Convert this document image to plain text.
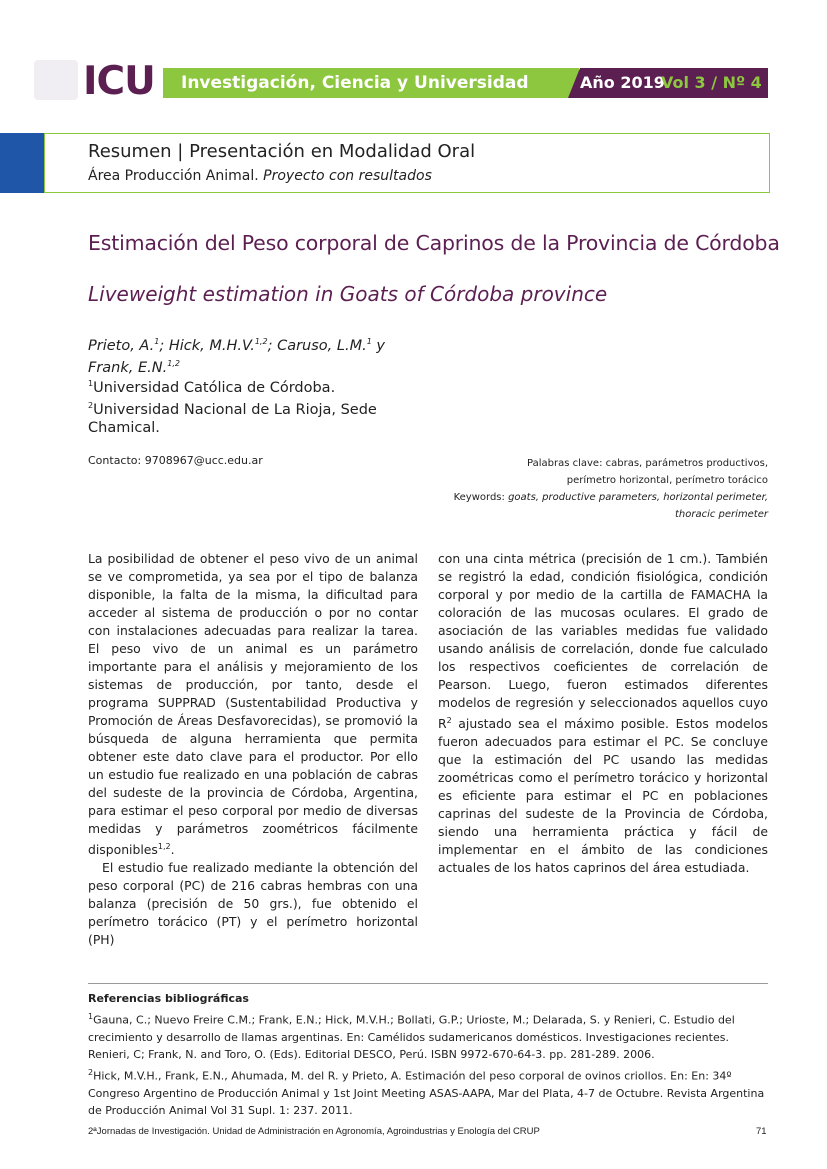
ICU Investigación, Ciencia y Universidad	Año 2019
Vol 3 / Nº 4
Resumen | Presentación en Modalidad Oral
Área Producción Animal. Proyecto con resultados
Estimación del Peso corporal de Caprinos de la Provincia de Córdoba
Liveweight estimation in Goats of Córdoba province
Prieto, A.$^1$; Hick, M.H.V.$^{1,2}$; Caruso, L.M.$^1$ y
Frank, E.N.$^{1,2}$
$^1$Universidad Católica de Córdoba.
$^2$Universidad Nacional de La Rioja, Sede Chamical.
Contacto: 9708967@ucc.edu.ar	Palabras clave: cabras, parámetros productivos,
perímetro horizontal, perímetro torácico
Keywords: goats, productive parameters, horizontal perimeter,
thoracic perimeter

La posibilidad de obtener el peso vivo de un animal se ve comprometida, ya sea por el tipo de balanza disponible, la falta de la misma, la dificultad para acceder al sistema de producción o por no contar con instalaciones adecuadas para realizar la tarea. El peso vivo de un animal es un parámetro importante para el análisis y mejoramiento de los sistemas de producción, por tanto, desde el programa SUPPRAD (Sustentabilidad Productiva y Promoción de Áreas Desfavorecidas), se promovió la búsqueda de alguna herramienta que permita obtener este dato clave para el productor. Por ello un estudio fue realizado en una población de cabras del sudeste de la provincia de Córdoba, Argentina, para estimar el peso corporal por medio de diversas medidas y parámetros zoométricos fácilmente disponibles$^{1,2}$.

El estudio fue realizado mediante la obtención del peso corporal (PC) de 216 cabras hembras con una balanza (precisión de 50 grs.), fue obtenido el perímetro torácico (PT) y el perímetro horizontal (PH)

con una cinta métrica (precisión de 1 cm.). También se registró la edad, condición fisiológica, condición corporal y por medio de la cartilla de FAMACHA la coloración de las mucosas oculares. El grado de asociación de las variables medidas fue validado usando análisis de correlación, donde fue calculado los respectivos coeficientes de correlación de Pearson. Luego, fueron estimados diferentes modelos de regresión y seleccionados aquellos cuyo $R^2$ ajustado sea el máximo posible. Estos modelos fueron adecuados para estimar el PC. Se concluye que la estimación del PC usando las medidas zoométricas como el perímetro torácico y horizontal es eficiente para estimar el PC en poblaciones caprinas del sudeste de la Provincia de Córdoba, siendo una herramienta práctica y fácil de implementar en el ámbito de las condiciones actuales de los hatos caprinos del área estudiada.

Referencias bibliográficas

$^1$Gauna, C.; Nuevo Freire C.M.; Frank, E.N.; Hick, M.V.H.; Bollati, G.P.; Urioste, M.; Delarada, S. y Renieri, C. Estudio del crecimiento y desarrollo de llamas argentinas. En: Camélidos sudamericanos domésticos. Investigaciones recientes. Renieri, C; Frank, N. and Toro, O. (Eds). Editorial DESCO, Perú. ISBN 9972-670-64-3. pp. 281-289. 2006.

$^2$Hick, M.V.H., Frank, E.N., Ahumada, M. del R. y Prieto, A. Estimación del peso corporal de ovinos criollos. En: En: 34º Congreso Argentino de Producción Animal y 1st Joint Meeting ASAS-AAPA, Mar del Plata, 4-7 de Octubre. Revista Argentina de Producción Animal Vol 31 Supl. 1: 237. 2011.

2ªJornadas de Investigación. Unidad de Administración en Agronomía, Agroindustrias y Enología del CRUP	71
